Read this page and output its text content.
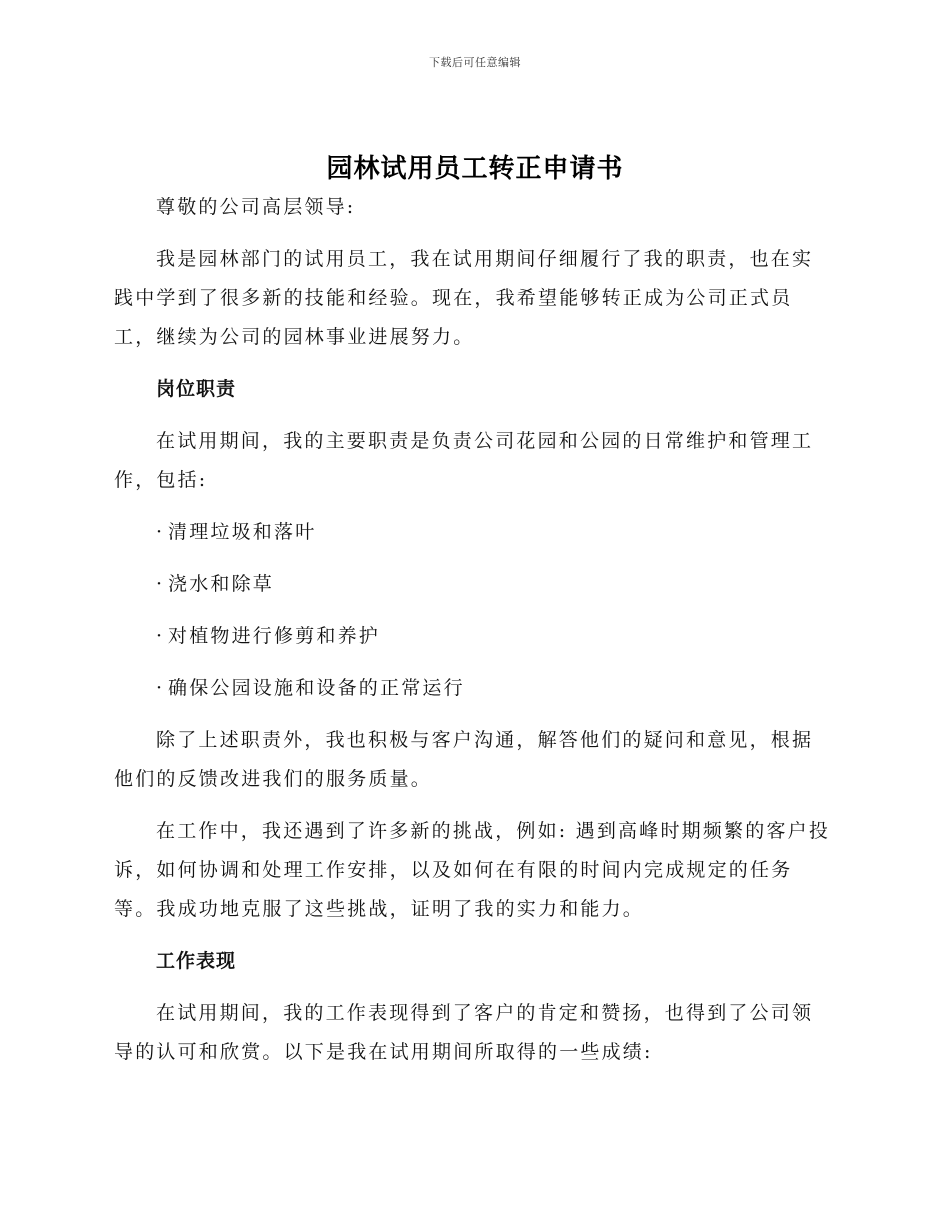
下载后可任意编辑
园林试用员工转正申请书

尊敬的公司高层领导:

我是园林部门的试用员工，我在试用期间仔细履行了我的职责，也在实践中学到了很多新的技能和经验。现在，我希望能够转正成为公司正式员工，继续为公司的园林事业进展努力。

岗位职责

在试用期间，我的主要职责是负责公司花园和公园的日常维护和管理工作，包括:

· 清理垃圾和落叶
· 浇水和除草
· 对植物进行修剪和养护
· 确保公园设施和设备的正常运行

除了上述职责外，我也积极与客户沟通，解答他们的疑问和意见，根据他们的反馈改进我们的服务质量。

在工作中，我还遇到了许多新的挑战，例如: 遇到高峰时期频繁的客户投诉，如何协调和处理工作安排，以及如何在有限的时间内完成规定的任务等。我成功地克服了这些挑战，证明了我的实力和能力。

工作表现

在试用期间，我的工作表现得到了客户的肯定和赞扬，也得到了公司领导的认可和欣赏。以下是我在试用期间所取得的一些成绩:
